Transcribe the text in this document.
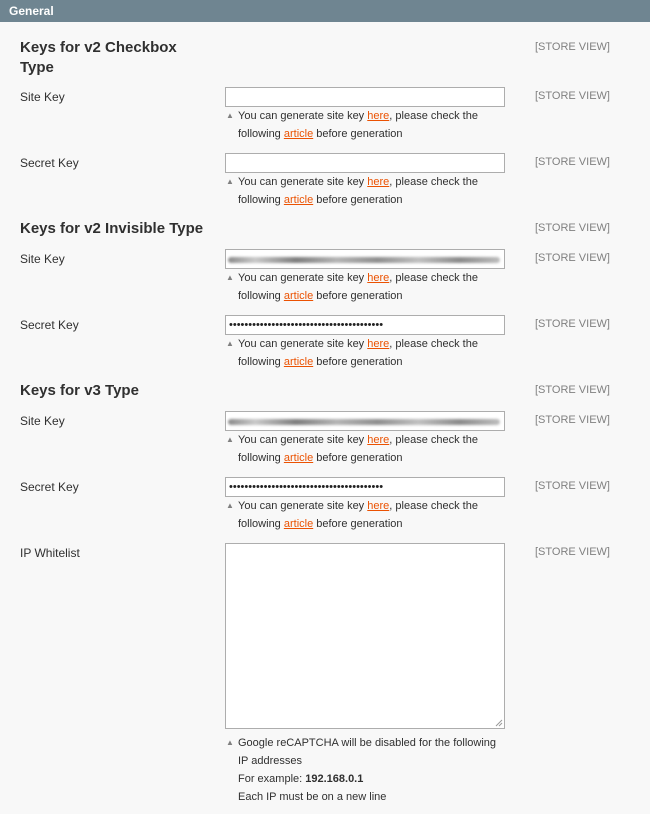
General
Keys for v2 Checkbox
Type
[STORE VIEW]
Site Key	[STORE VIEW]
▲ You can generate site key here, please check the
following article before generation
Secret Key	[STORE VIEW]
▲ You can generate site key here, please check the
following article before generation
Keys for v2 Invisible Type	[STORE VIEW]
Site Key	[STORE VIEW]
▲ You can generate site key here, please check the
following article before generation
Secret Key	••••••••••••••••••••••••••••••••••••••••	[STORE VIEW]
▲ You can generate site key here, please check the
following article before generation
Keys for v3 Type	[STORE VIEW]
Site Key	[STORE VIEW]
▲ You can generate site key here, please check the
following article before generation
Secret Key	••••••••••••••••••••••••••••••••••••••••	[STORE VIEW]
▲ You can generate site key here, please check the
following article before generation
IP Whitelist	[STORE VIEW]
▲ Google reCAPTCHA will be disabled for the following
IP addresses
For example: 192.168.0.1
Each IP must be on a new line
